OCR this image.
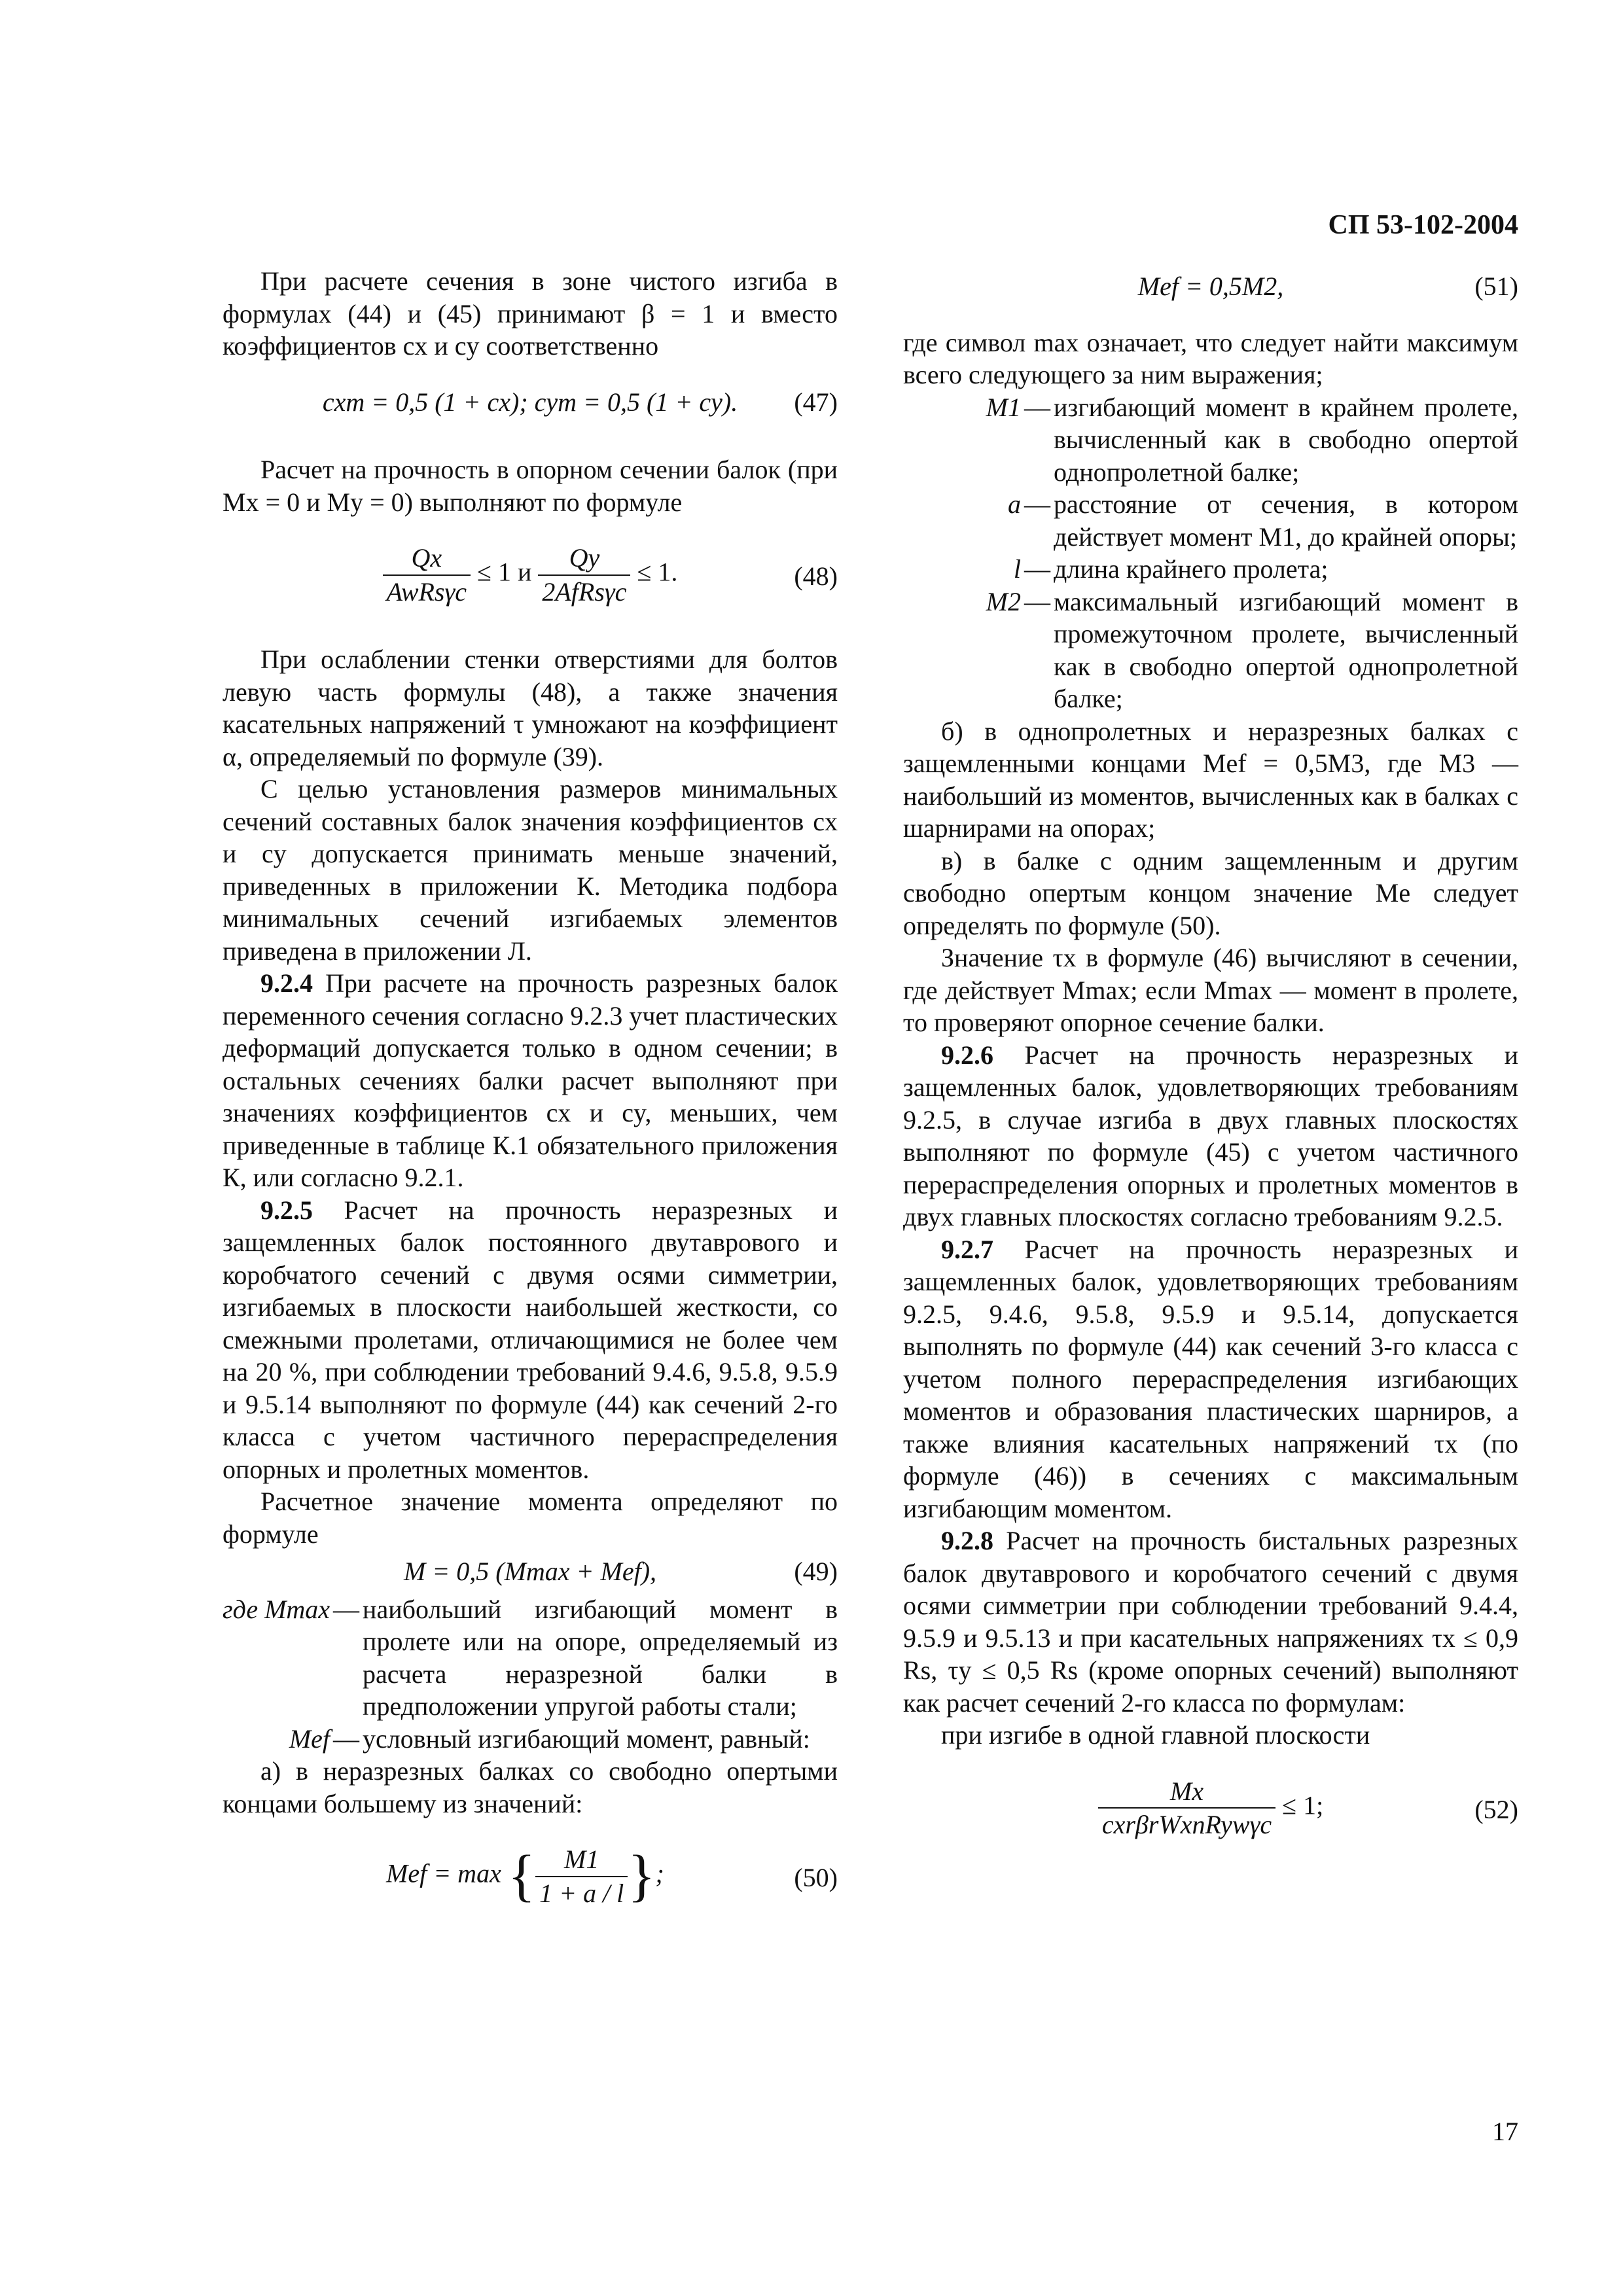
СП 53-102-2004

При расчете сечения в зоне чистого изгиба в формулах (44) и (45) принимают β = 1 и вместо коэффициентов cx и cy соответственно

cxm = 0,5 (1 + cx); cym = 0,5 (1 + cy). (47)

Расчет на прочность в опорном сечении балок (при Mx = 0 и My = 0) выполняют по формуле

$\frac{Qx}{\text{AwRsγc}} \le 1$ и $\frac{Qy}{\text{2AfRsγc}} \le 1$.	(48)

При ослаблении стенки отверстиями для болтов левую часть формулы (48), а также значения касательных напряжений τ умножают на коэффициент α, определяемый по формуле (39).

С целью установления размеров минимальных сечений составных балок значения коэффициентов cx и cy допускается принимать меньше значений, приведенных в приложении К. Методика подбора минимальных сечений изгибаемых элементов приведена в приложении Л.

9.2.4 При расчете на прочность разрезных балок переменного сечения согласно 9.2.3 учет пластических деформаций допускается только в одном сечении; в остальных сечениях балки расчет выполняют при значениях коэффициентов cx и cy, меньших, чем приведенные в таблице К.1 обязательного приложения К, или согласно 9.2.1.

9.2.5 Расчет на прочность неразрезных и защемленных балок постоянного двутаврового и коробчатого сечений с двумя осями симметрии, изгибаемых в плоскости наибольшей жесткости, со смежными пролетами, отличающимися не более чем на 20 %, при соблюдении требований 9.4.6, 9.5.8, 9.5.9 и 9.5.14 выполняют по формуле (44) как сечений 2-го класса с учетом частичного перераспределения опорных и пролетных моментов.

Расчетное значение момента определяют по формуле

M = 0,5 (Mmax + Mef),	(49)
где Mmax	—	наибольший изгибающий момент в пролете или на опоре, определяемый из расчета неразрезной балки в предположении упругой работы стали;
Mef	—	условный изгибающий момент, равный:

а) в неразрезных балках со свободно опертыми концами большему из значений:

Mef = max { $\frac{M1}{1 + a / l}$ };	(50)
Mef = 0,5M2,	(51)

где символ max означает, что следует найти максимум всего следующего за ним выражения;

M1	—	изгибающий момент в крайнем пролете, вычисленный как в свободно опертой однопролетной балке;
a	—	расстояние от сечения, в котором действует момент M1, до крайней опоры;
l	—	длина крайнего пролета;
M2	—	максимальный изгибающий момент в промежуточном пролете, вычисленный как в свободно опертой однопролетной балке;

б) в однопролетных и неразрезных балках с защемленными концами Mef = 0,5M3, где M3 — наибольший из моментов, вычисленных как в балках с шарнирами на опорах;

в) в балке с одним защемленным и другим свободно опертым концом значение Me следует определять по формуле (50).

Значение τx в формуле (46) вычисляют в сечении, где действует Mmax; если Mmax — момент в пролете, то проверяют опорное сечение балки.

9.2.6 Расчет на прочность неразрезных и защемленных балок, удовлетворяющих требованиям 9.2.5, в случае изгиба в двух главных плоскостях выполняют по формуле (45) с учетом частичного перераспределения опорных и пролетных моментов в двух главных плоскостях согласно требованиям 9.2.5.

9.2.7 Расчет на прочность неразрезных и защемленных балок, удовлетворяющих требованиям 9.2.5, 9.4.6, 9.5.8, 9.5.9 и 9.5.14, допускается выполнять по формуле (44) как сечений 3-го класса с учетом полного перераспределения изгибающих моментов и образования пластических шарниров, а также влияния касательных напряжений τx (по формуле (46)) в сечениях с максимальным изгибающим моментом.

9.2.8 Расчет на прочность бистальных разрезных балок двутаврового и коробчатого сечений с двумя осями симметрии при соблюдении требований 9.4.4, 9.5.9 и 9.5.13 и при касательных напряжениях τx ≤ 0,9 Rs, τy ≤ 0,5 Rs (кроме опорных сечений) выполняют как расчет сечений 2-го класса по формулам:

при изгибе в одной главной плоскости

$\frac{Mx}{\text{cxrβrWxnRywγc}} \le 1$;	(52)
17
